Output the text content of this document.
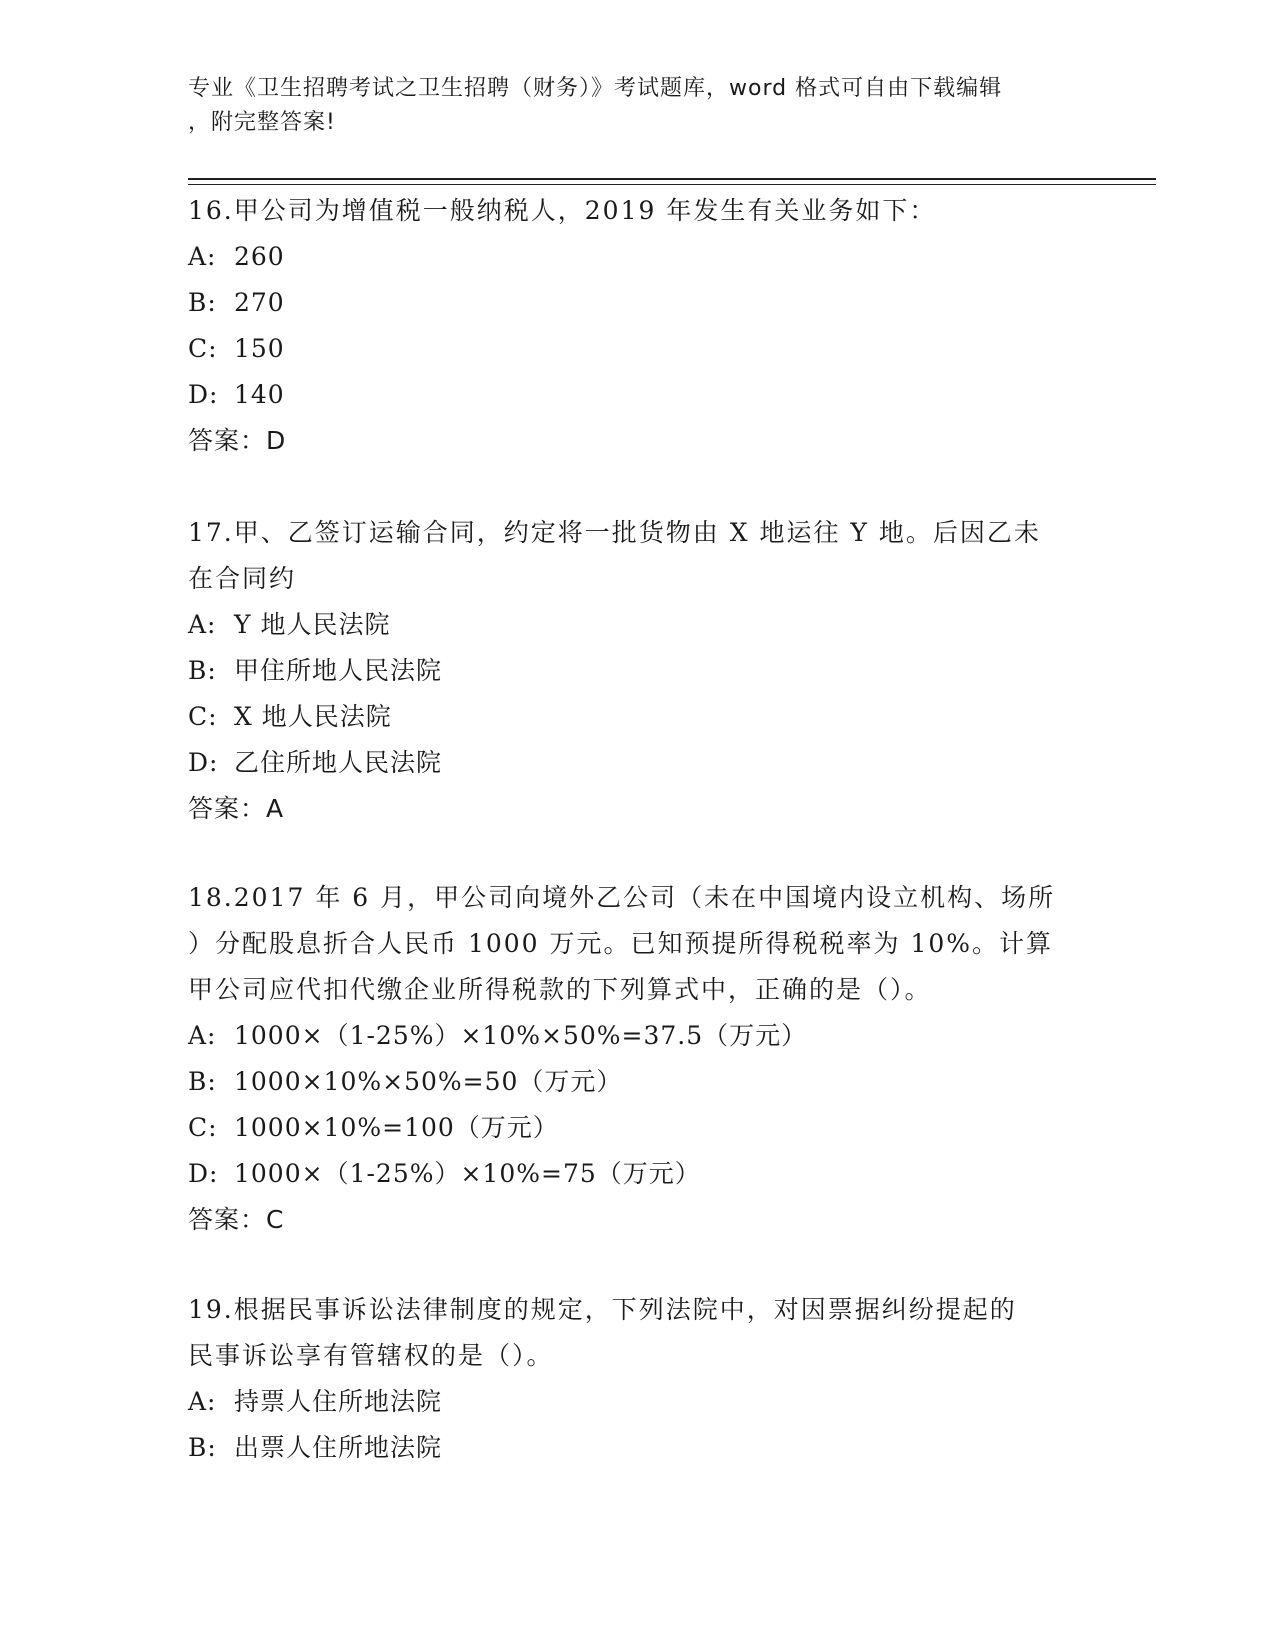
专业《卫生招聘考试之卫生招聘（财务）》考试题库，word 格式可自由下载编辑
，附完整答案!

16.甲公司为增值税一般纳税人，2019 年发生有关业务如下：

A: 260
B: 270
C: 150
D: 140
答案：D

17.甲、乙签订运输合同，约定将一批货物由 X 地运往 Y 地。后因乙未
在合同约

A: Y 地人民法院
B: 甲住所地人民法院
C: X 地人民法院
D: 乙住所地人民法院
答案：A

18.2017 年 6 月，甲公司向境外乙公司（未在中国境内设立机构、场所
）分配股息折合人民币 1000 万元。已知预提所得税税率为 10%。计算
甲公司应代扣代缴企业所得税款的下列算式中，正确的是（）。

A: 1000×（1-25%）×10%×50%=37.5（万元）
B: 1000×10%×50%=50（万元）
C: 1000×10%=100（万元）
D: 1000×（1-25%）×10%=75（万元）
答案：C

19.根据民事诉讼法律制度的规定，下列法院中，对因票据纠纷提起的
民事诉讼享有管辖权的是（）。

A: 持票人住所地法院
B: 出票人住所地法院
